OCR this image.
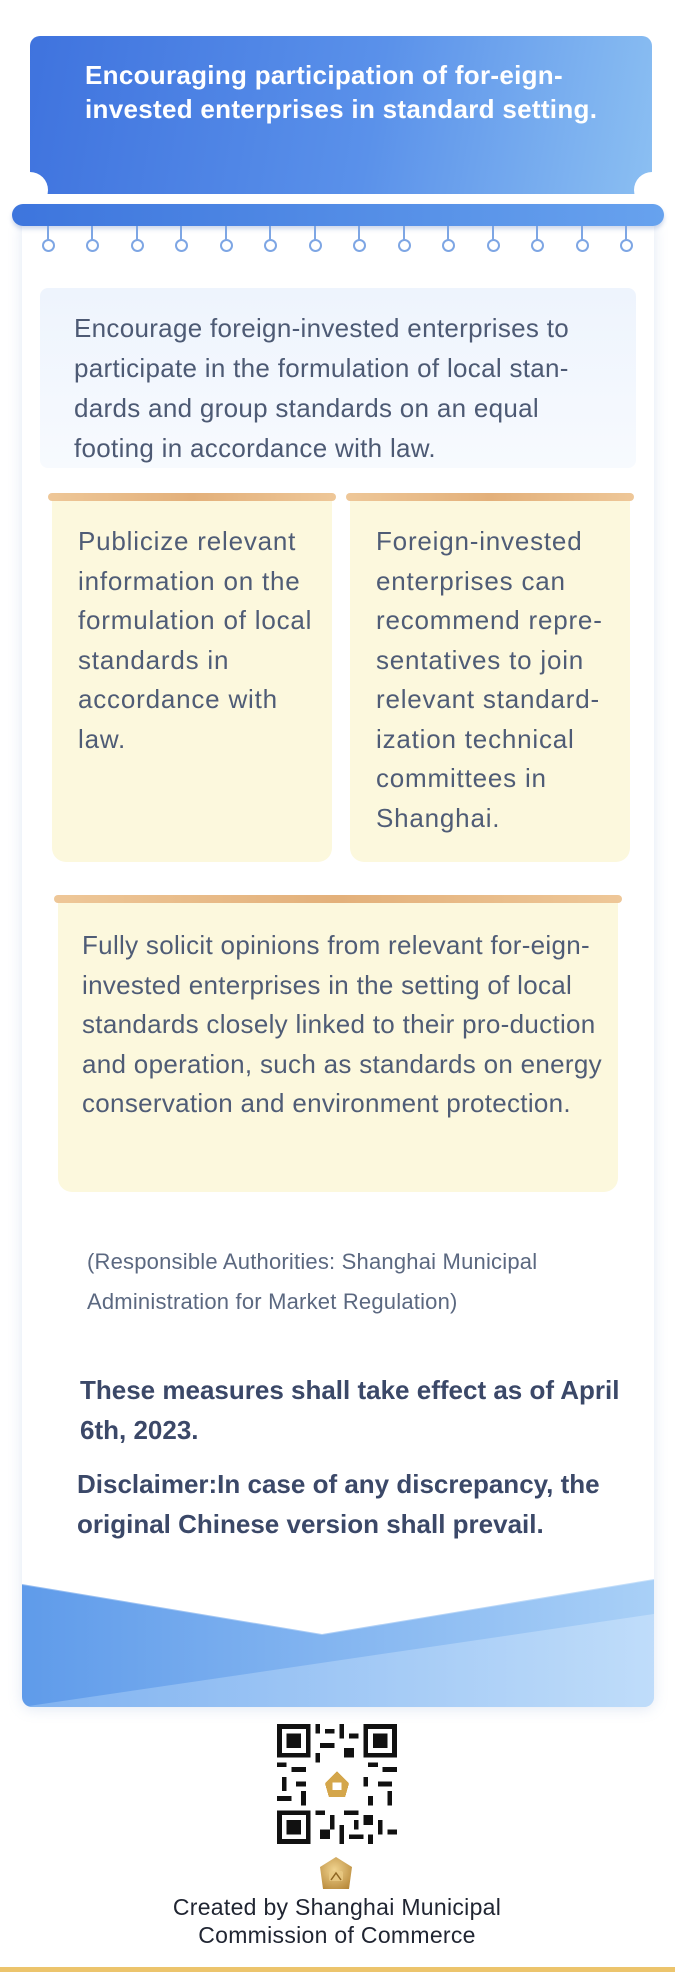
Encouraging participation of for-eign-invested enterprises in standard setting.

Encourage foreign-invested enterprises to participate in the formulation of local stan-dards and group standards on an equal footing in accordance with law.

Publicize relevant information on the formulation of local standards in accordance with law.

Foreign-invested enterprises can recommend repre-sentatives to join relevant standard-ization technical committees in Shanghai.

Fully solicit opinions from relevant for-eign-invested enterprises in the setting of local standards closely linked to their pro-duction and operation, such as standards on energy conservation and environment protection.

(Responsible Authorities: Shanghai Municipal Administration for Market Regulation)

These measures shall take effect as of April 6th, 2023.

Disclaimer:In case of any discrepancy, the original Chinese version shall prevail.

Created by Shanghai Municipal Commission of Commerce
